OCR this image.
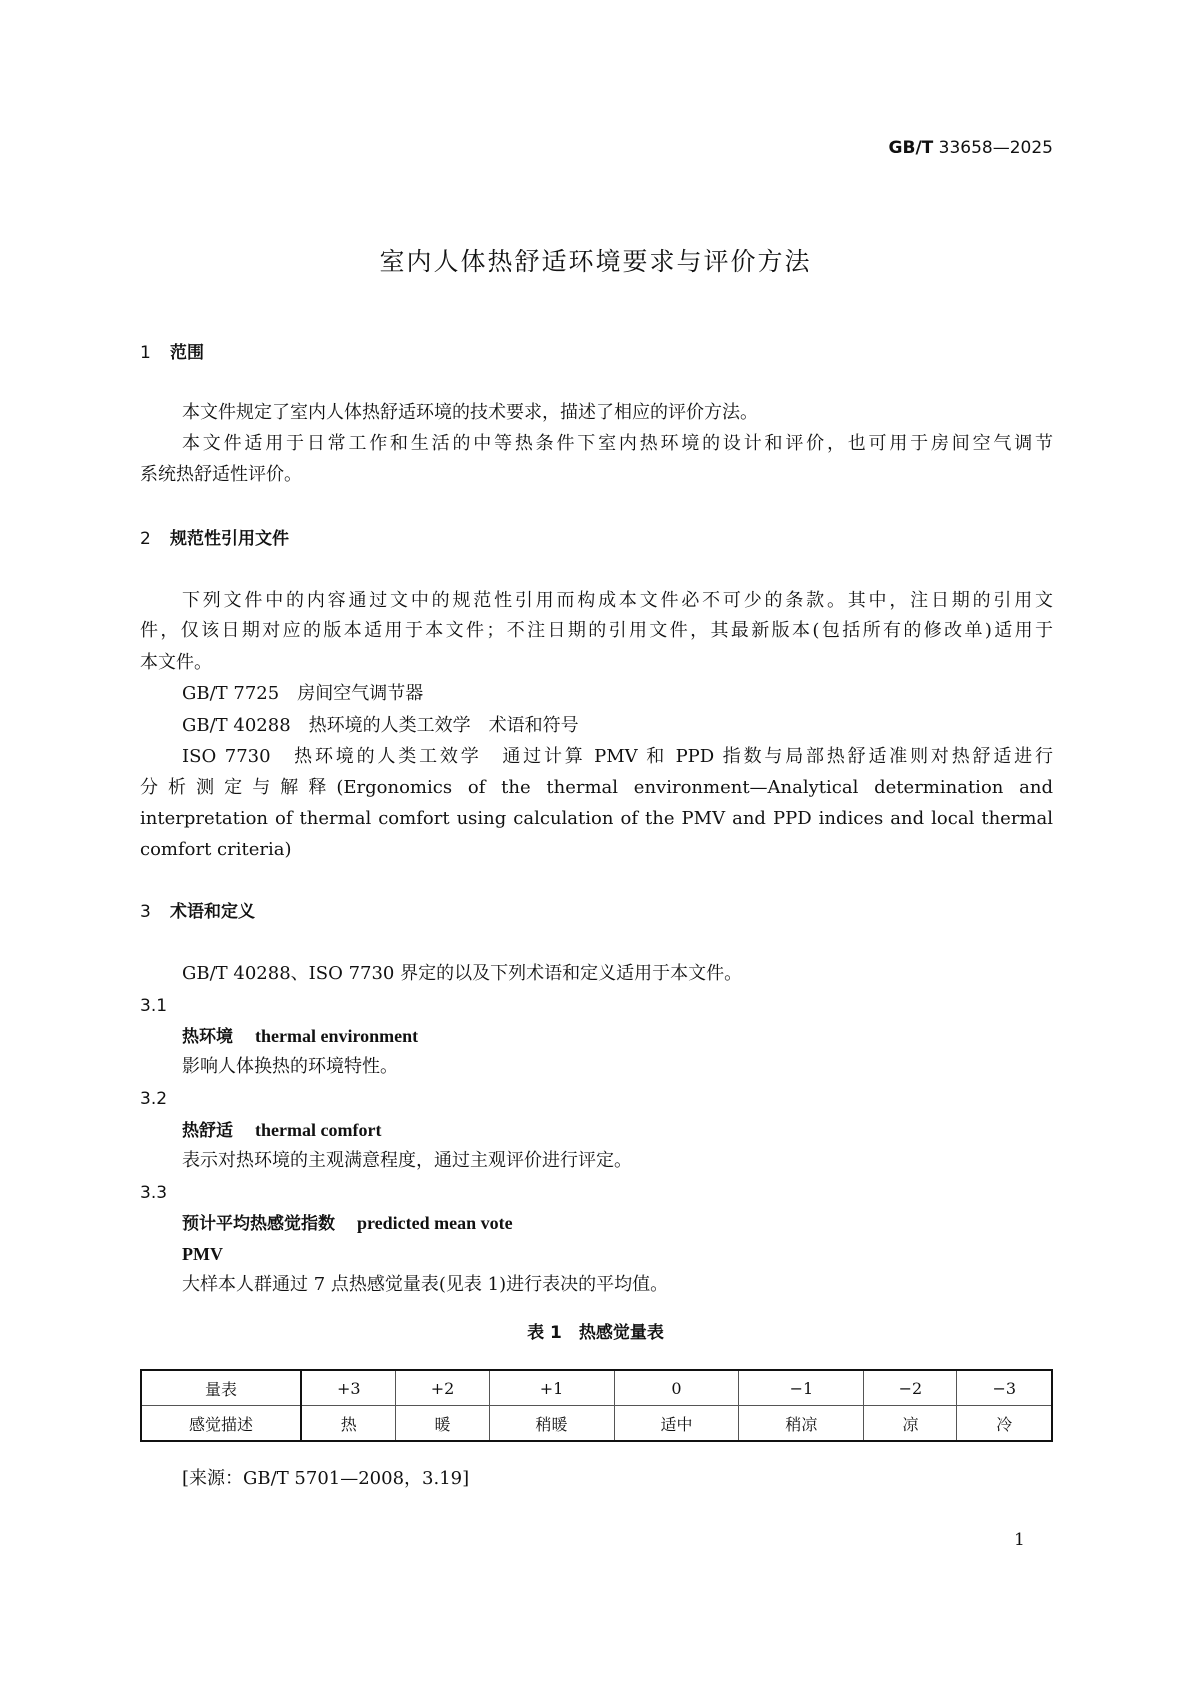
GB/T 33658—2025
室内人体热舒适环境要求与评价方法
1 范围
本文件规定了室内人体热舒适环境的技术要求，描述了相应的评价方法。
本文件适用于日常工作和生活的中等热条件下室内热环境的设计和评价，也可用于房间空气调节
系统热舒适性评价。
2 规范性引用文件
下列文件中的内容通过文中的规范性引用而构成本文件必不可少的条款。其中，注日期的引用文
件，仅该日期对应的版本适用于本文件；不注日期的引用文件，其最新版本(包括所有的修改单)适用于
本文件。
GB/T 7725　房间空气调节器
GB/T 40288　热环境的人类工效学　术语和符号
ISO 7730　热环境的人类工效学　通过计算 PMV 和 PPD 指数与局部热舒适准则对热舒适进行
分析测定与解释(Ergonomics of the thermal environment—Analytical determination and
interpretation of thermal comfort using calculation of the PMV and PPD indices and local thermal
comfort criteria)
3 术语和定义
GB/T 40288、ISO 7730 界定的以及下列术语和定义适用于本文件。
3.1
热环境 thermal environment
影响人体换热的环境特性。
3.2
热舒适 thermal comfort
表示对热环境的主观满意程度，通过主观评价进行评定。
3.3
预计平均热感觉指数 predicted mean vote
PMV
大样本人群通过 7 点热感觉量表(见表 1)进行表决的平均值。
表 1　热感觉量表
量表	+3	+2	+1	0	−1	−2	−3
感觉描述	热	暖	稍暖	适中	稍凉	凉	冷
[来源：GB/T 5701—2008，3.19]
1
